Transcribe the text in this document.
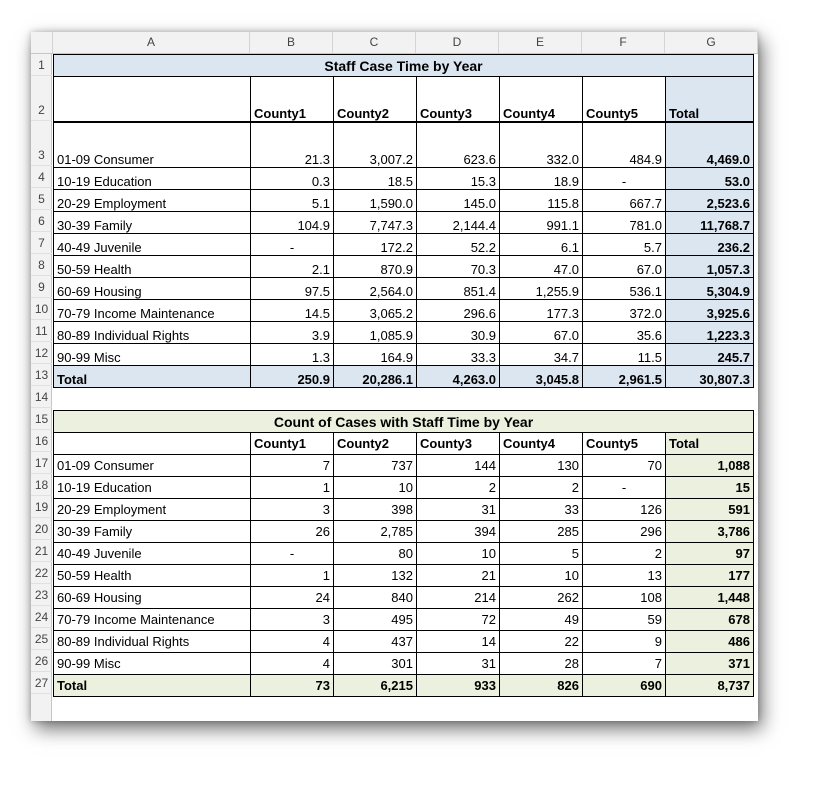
A	B	C	D	E	F	G
1
2
3
4
5
6
7
8
9
10
11
12
13
14
15
16
17
18
19
20
21
22
23
24
25
26
27
Staff Case Time by Year
	County1	County2	County3	County4	County5	Total
01-09 Consumer	21.3	3,007.2	623.6	332.0	484.9	4,469.0
10-19 Education	0.3	18.5	15.3	18.9	-	53.0
20-29 Employment	5.1	1,590.0	145.0	115.8	667.7	2,523.6
30-39 Family	104.9	7,747.3	2,144.4	991.1	781.0	11,768.7
40-49 Juvenile	-	172.2	52.2	6.1	5.7	236.2
50-59 Health	2.1	870.9	70.3	47.0	67.0	1,057.3
60-69 Housing	97.5	2,564.0	851.4	1,255.9	536.1	5,304.9
70-79 Income Maintenance	14.5	3,065.2	296.6	177.3	372.0	3,925.6
80-89 Individual Rights	3.9	1,085.9	30.9	67.0	35.6	1,223.3
90-99 Misc	1.3	164.9	33.3	34.7	11.5	245.7
Total	250.9	20,286.1	4,263.0	3,045.8	2,961.5	30,807.3
Count of Cases with Staff Time by Year						
	County1	County2	County3	County4	County5	Total
01-09 Consumer	7	737	144	130	70	1,088
10-19 Education	1	10	2	2	-	15
20-29 Employment	3	398	31	33	126	591
30-39 Family	26	2,785	394	285	296	3,786
40-49 Juvenile	-	80	10	5	2	97
50-59 Health	1	132	21	10	13	177
60-69 Housing	24	840	214	262	108	1,448
70-79 Income Maintenance	3	495	72	49	59	678
80-89 Individual Rights	4	437	14	22	9	486
90-99 Misc	4	301	31	28	7	371
Total	73	6,215	933	826	690	8,737
